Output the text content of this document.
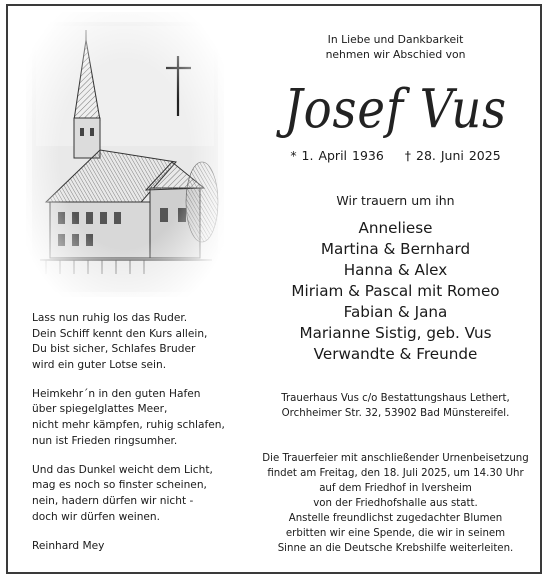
Lass nun ruhig los das Ruder.
Dein Schiff kennt den Kurs allein,
Du bist sicher, Schlafes Bruder
wird ein guter Lotse sein.
Heimkehr´n in den guten Hafen
über spiegelglattes Meer,
nicht mehr kämpfen, ruhig schlafen,
nun ist Frieden ringsumher.
Und das Dunkel weicht dem Licht,
mag es noch so finster scheinen,
nein, hadern dürfen wir nicht -
doch wir dürfen weinen.
Reinhard Mey
In Liebe und Dankbarkeit
nehmen wir Abschied von
Josef Vus
* 1. April 1936 † 28. Juni 2025
Wir trauern um ihn
Anneliese
Martina & Bernhard
Hanna & Alex
Miriam & Pascal mit Romeo
Fabian & Jana
Marianne Sistig, geb. Vus
Verwandte & Freunde
Trauerhaus Vus c/o Bestattungshaus Lethert,
Orchheimer Str. 32, 53902 Bad Münstereifel.
Die Trauerfeier mit anschließender Urnenbeisetzung
findet am Freitag, den 18. Juli 2025, um 14.30 Uhr
auf dem Friedhof in Iversheim
von der Friedhofshalle aus statt.
Anstelle freundlichst zugedachter Blumen
erbitten wir eine Spende, die wir in seinem
Sinne an die Deutsche Krebshilfe weiterleiten.
